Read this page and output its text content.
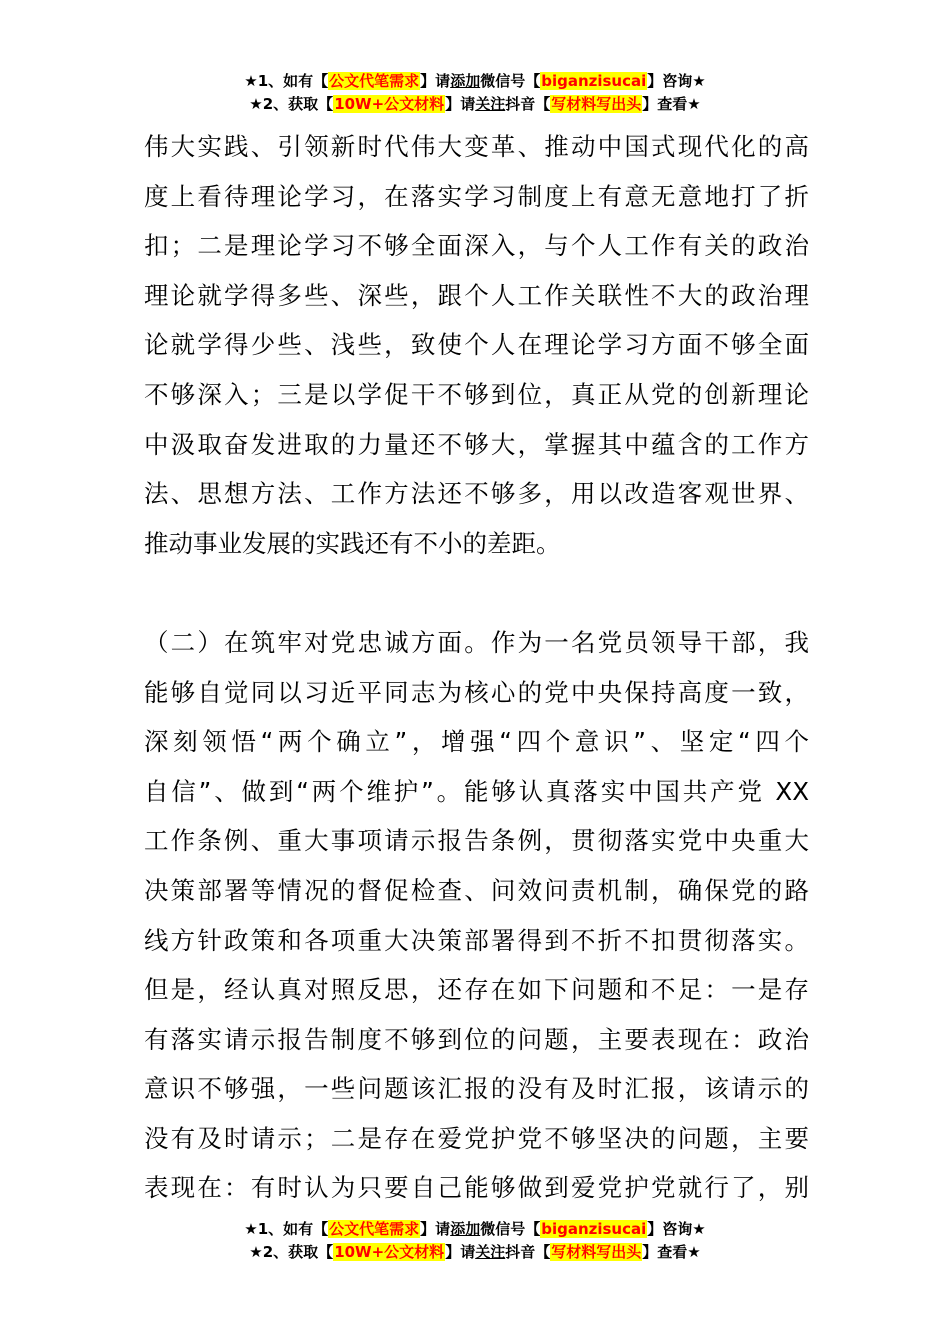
★1、如有【公文代笔需求】请添加微信号【biganzisucai】咨询★
★2、获取【10W+公文材料】请关注抖音【写材料写出头】查看★
伟大实践、引领新时代伟大变革、推动中国式现代化的高
度上看待理论学习，在落实学习制度上有意无意地打了折
扣；二是理论学习不够全面深入，与个人工作有关的政治
理论就学得多些、深些，跟个人工作关联性不大的政治理
论就学得少些、浅些，致使个人在理论学习方面不够全面
不够深入；三是以学促干不够到位，真正从党的创新理论
中汲取奋发进取的力量还不够大，掌握其中蕴含的工作方
法、思想方法、工作方法还不够多，用以改造客观世界、
推动事业发展的实践还有不小的差距。
（二）在筑牢对党忠诚方面。作为一名党员领导干部，我
能够自觉同以习近平同志为核心的党中央保持高度一致，
深刻领悟“两个确立”，增强“四个意识”、坚定“四个
自信”、做到“两个维护”。能够认真落实中国共产党 XX
工作条例、重大事项请示报告条例，贯彻落实党中央重大
决策部署等情况的督促检查、问效问责机制，确保党的路
线方针政策和各项重大决策部署得到不折不扣贯彻落实。
但是，经认真对照反思，还存在如下问题和不足：一是存
有落实请示报告制度不够到位的问题，主要表现在：政治
意识不够强，一些问题该汇报的没有及时汇报，该请示的
没有及时请示；二是存在爱党护党不够坚决的问题，主要
表现在：有时认为只要自己能够做到爱党护党就行了，别
★1、如有【公文代笔需求】请添加微信号【biganzisucai】咨询★
★2、获取【10W+公文材料】请关注抖音【写材料写出头】查看★
